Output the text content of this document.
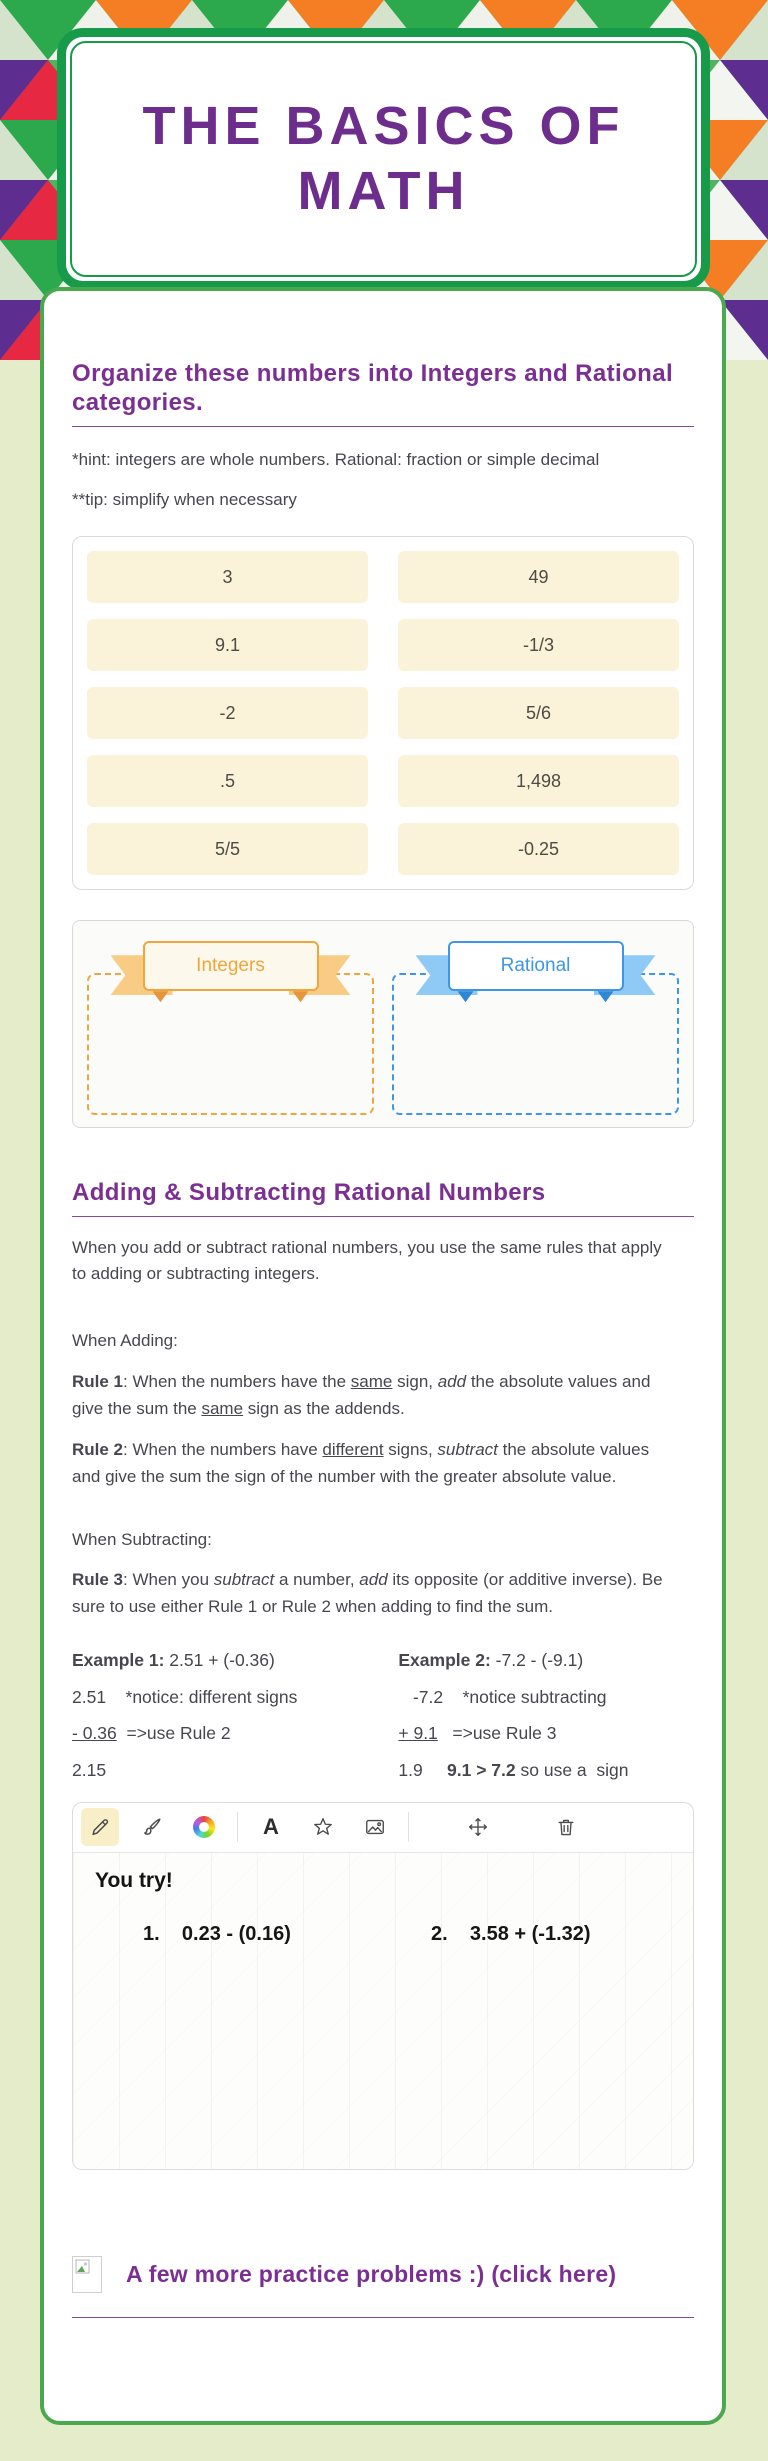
THE BASICS OF
MATH
Organize these numbers into Integers and Rational categories.

*hint: integers are whole numbers. Rational: fraction or simple decimal

**tip: simplify when necessary

3	49
9.1	-1/3
-2	5/6
.5	1,498
5/5	-0.25
Integers	Rational
Adding & Subtracting Rational Numbers

When you add or subtract rational numbers, you use the same rules that apply to adding or subtracting integers.

When Adding:

Rule 1: When the numbers have the same sign, add the absolute values and give the sum the same sign as the addends.

Rule 2: When the numbers have different signs, subtract the absolute values and give the sum the sign of the number with the greater absolute value.

When Subtracting:

Rule 3: When you subtract a number, add its opposite (or additive inverse). Be sure to use either Rule 1 or Rule 2 when adding to find the sum.

Example 1: 2.51 + (-0.36)

2.51    *notice: different signs

- 0.36  =>use Rule 2

2.15

Example 2: -7.2 - (-9.1)

-7.2    *notice subtracting

+ 9.1   =>use Rule 3

1.9     9.1 > 7.2 so use a  sign

A
You try!
1.    0.23 - (0.16)	2.    3.58 + (-1.32)
A few more practice problems :) (click here)
